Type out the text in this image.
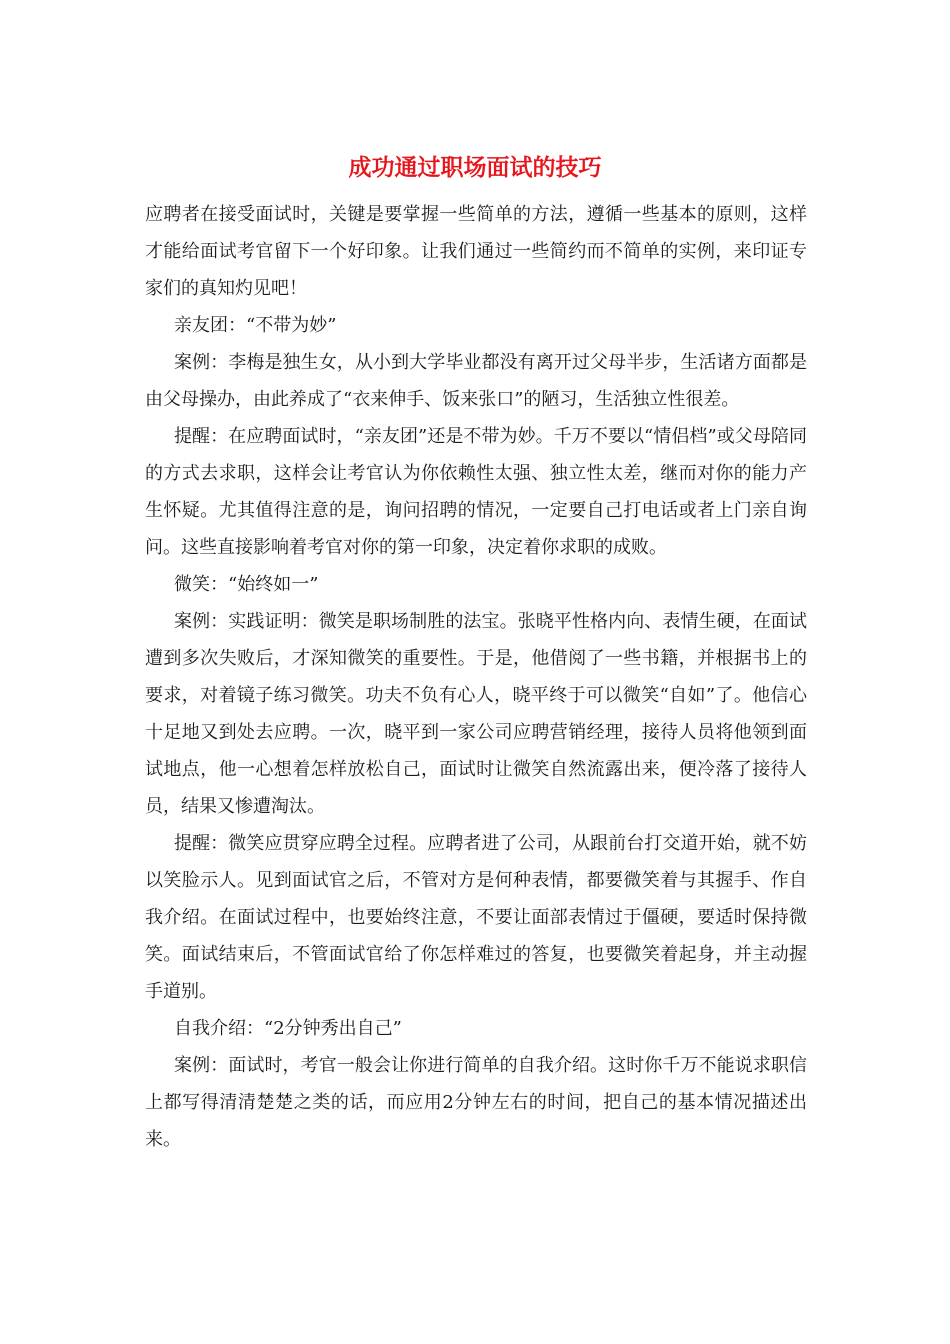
成功通过职场面试的技巧

应聘者在接受面试时，关键是要掌握一些简单的方法，遵循一些基本的原则，这样才能给面试考官留下一个好印象。让我们通过一些简约而不简单的实例，来印证专家们的真知灼见吧！

亲友团：“不带为妙”

案例：李梅是独生女，从小到大学毕业都没有离开过父母半步，生活诸方面都是由父母操办，由此养成了“衣来伸手、饭来张口”的陋习，生活独立性很差。

提醒：在应聘面试时，“亲友团”还是不带为妙。千万不要以“情侣档”或父母陪同的方式去求职，这样会让考官认为你依赖性太强、独立性太差，继而对你的能力产生怀疑。尤其值得注意的是，询问招聘的情况，一定要自己打电话或者上门亲自询问。这些直接影响着考官对你的第一印象，决定着你求职的成败。

微笑：“始终如一”

案例：实践证明：微笑是职场制胜的法宝。张晓平性格内向、表情生硬，在面试遭到多次失败后，才深知微笑的重要性。于是，他借阅了一些书籍，并根据书上的要求，对着镜子练习微笑。功夫不负有心人，晓平终于可以微笑“自如”了。他信心十足地又到处去应聘。一次，晓平到一家公司应聘营销经理，接待人员将他领到面试地点，他一心想着怎样放松自己，面试时让微笑自然流露出来，便冷落了接待人员，结果又惨遭淘汰。

提醒：微笑应贯穿应聘全过程。应聘者进了公司，从跟前台打交道开始，就不妨以笑脸示人。见到面试官之后，不管对方是何种表情，都要微笑着与其握手、作自我介绍。在面试过程中，也要始终注意，不要让面部表情过于僵硬，要适时保持微笑。面试结束后，不管面试官给了你怎样难过的答复，也要微笑着起身，并主动握手道别。

自我介绍：“2分钟秀出自己”

案例：面试时，考官一般会让你进行简单的自我介绍。这时你千万不能说求职信上都写得清清楚楚之类的话，而应用2分钟左右的时间，把自己的基本情况描述出来。
